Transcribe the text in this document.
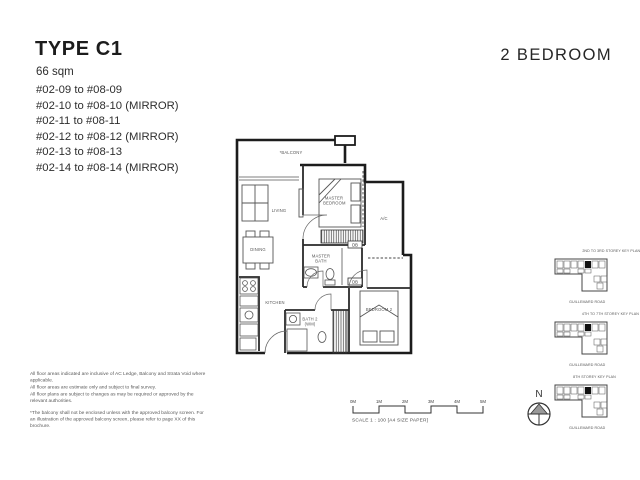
TYPE C1
66 sqm
#02-09 to #08-09
#02-10 to #08-10 (MIRROR)
#02-11 to #08-11
#02-12 to #08-12 (MIRROR)
#02-13 to #08-13
#02-14 to #08-14 (MIRROR)
2 BEDROOM
DB
DB
*BALCONY
LIVING
MASTER BEDROOM
A/C
DINING
KITCHEN
MASTER BATH
BATH 2 (WM)
BEDROOM 2
2ND TO 3RD STOREY KEY PLAN
GUILLEMARD ROAD
4TH TO 7TH STOREY KEY PLAN
GUILLEMARD ROAD
8TH STOREY KEY PLAN
GUILLEMARD ROAD
All floor areas indicated are inclusive of AC Ledge, Balcony and Strata Void where applicable.
All floor areas are estimate only and subject to final survey.
All floor plans are subject to changes as may be required or approved by the relevant authorities.
*The balcony shall not be enclosed unless with the approved balcony screen. For an illustration of the approved balcony screen, please refer to page XX of this brochure.
0M 1M 2M 3M 4M 5M
SCALE 1 : 100 [A4 SIZE PAPER]
N
